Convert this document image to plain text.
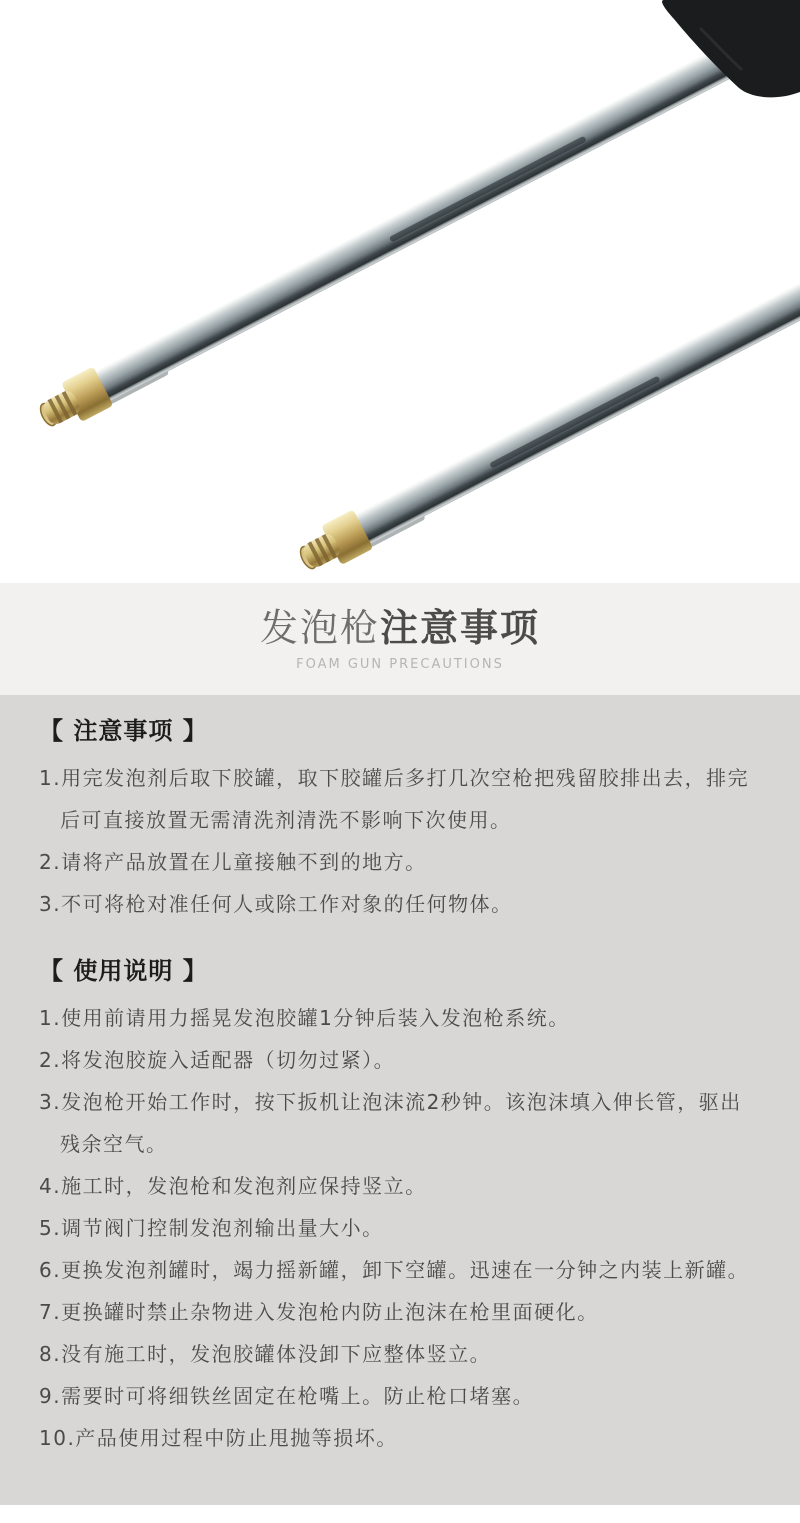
发泡枪注意事项
FOAM GUN PRECAUTIONS
【 注意事项 】

1.用完发泡剂后取下胶罐，取下胶罐后多打几次空枪把残留胶排出去，排完后可直接放置无需清洗剂清洗不影响下次使用。

2.请将产品放置在儿童接触不到的地方。

3.不可将枪对准任何人或除工作对象的任何物体。

【 使用说明 】

1.使用前请用力摇晃发泡胶罐1分钟后装入发泡枪系统。

2.将发泡胶旋入适配器（切勿过紧）。

3.发泡枪开始工作时，按下扳机让泡沫流2秒钟。该泡沫填入伸长管，驱出残余空气。

4.施工时，发泡枪和发泡剂应保持竖立。

5.调节阀门控制发泡剂输出量大小。

6.更换发泡剂罐时，竭力摇新罐，卸下空罐。迅速在一分钟之内装上新罐。

7.更换罐时禁止杂物进入发泡枪内防止泡沫在枪里面硬化。

8.没有施工时，发泡胶罐体没卸下应整体竖立。

9.需要时可将细铁丝固定在枪嘴上。防止枪口堵塞。

10.产品使用过程中防止甩抛等损坏。
